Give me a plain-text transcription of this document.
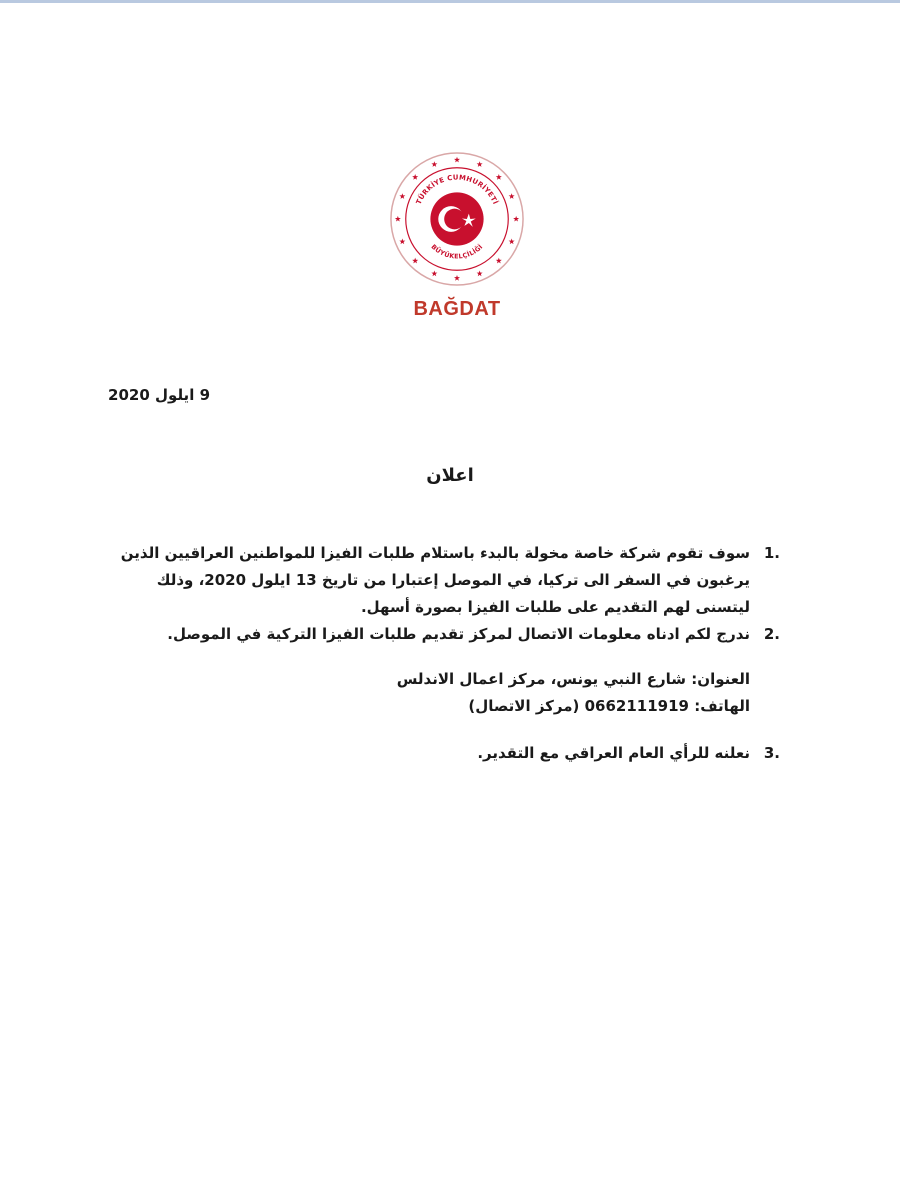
TÜRKİYE CUMHURİYETİ
BÜYÜKELÇİLİĞİ
BAĞDAT
9 ايلول 2020
اعلان
.1
سوف تقوم شركة خاصة مخولة بالبدء باستلام طلبات الفيزا للمواطنين العراقيين الذين يرغبون في السفر الى تركيا، في الموصل إعتبارا من تاريخ 13 ايلول 2020، وذلك ليتسنى لهم التقديم على طلبات الفيزا بصورة أسهل.
.2
ندرج لكم ادناه معلومات الاتصال لمركز تقديم طلبات الفيزا التركية في الموصل.
العنوان: شارع النبي يونس، مركز اعمال الاندلس
الهاتف: 0662111919 (مركز الاتصال)
.3
نعلنه للرأي العام العراقي مع التقدير.
